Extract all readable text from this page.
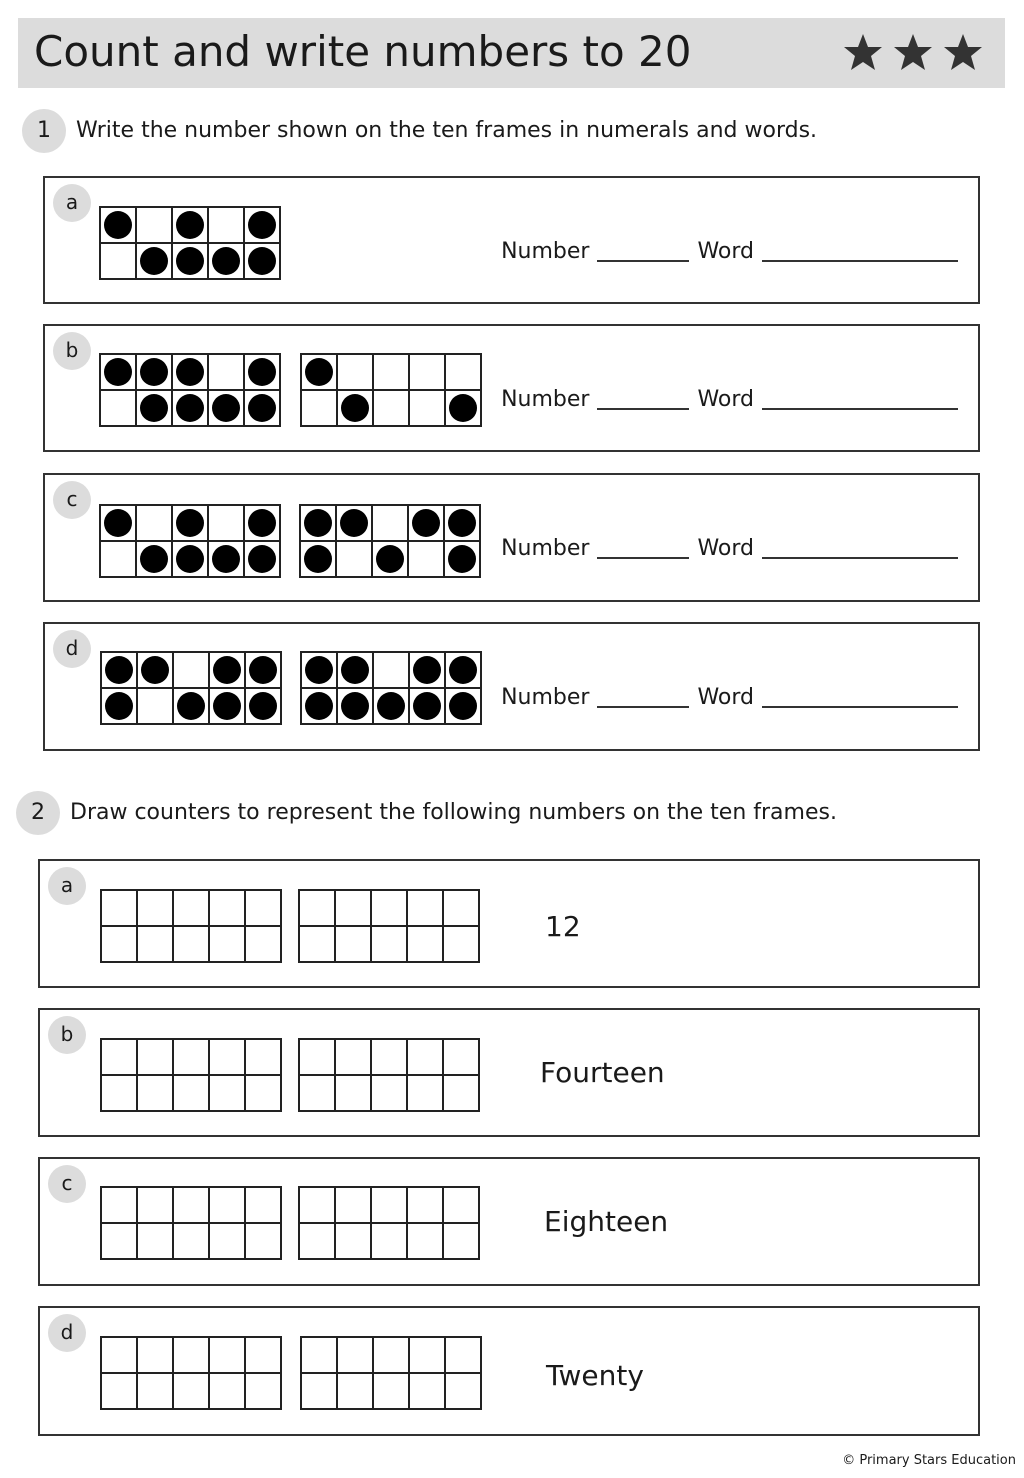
Count and write numbers to 20
1	Write the number shown on the ten frames in numerals and words.
a
Number	Word
b
Number	Word
c
Number	Word
d
Number	Word
2	Draw counters to represent the following numbers on the ten frames.
a
12
b
Fourteen
c
Eighteen
d
Twenty
© Primary Stars Education
